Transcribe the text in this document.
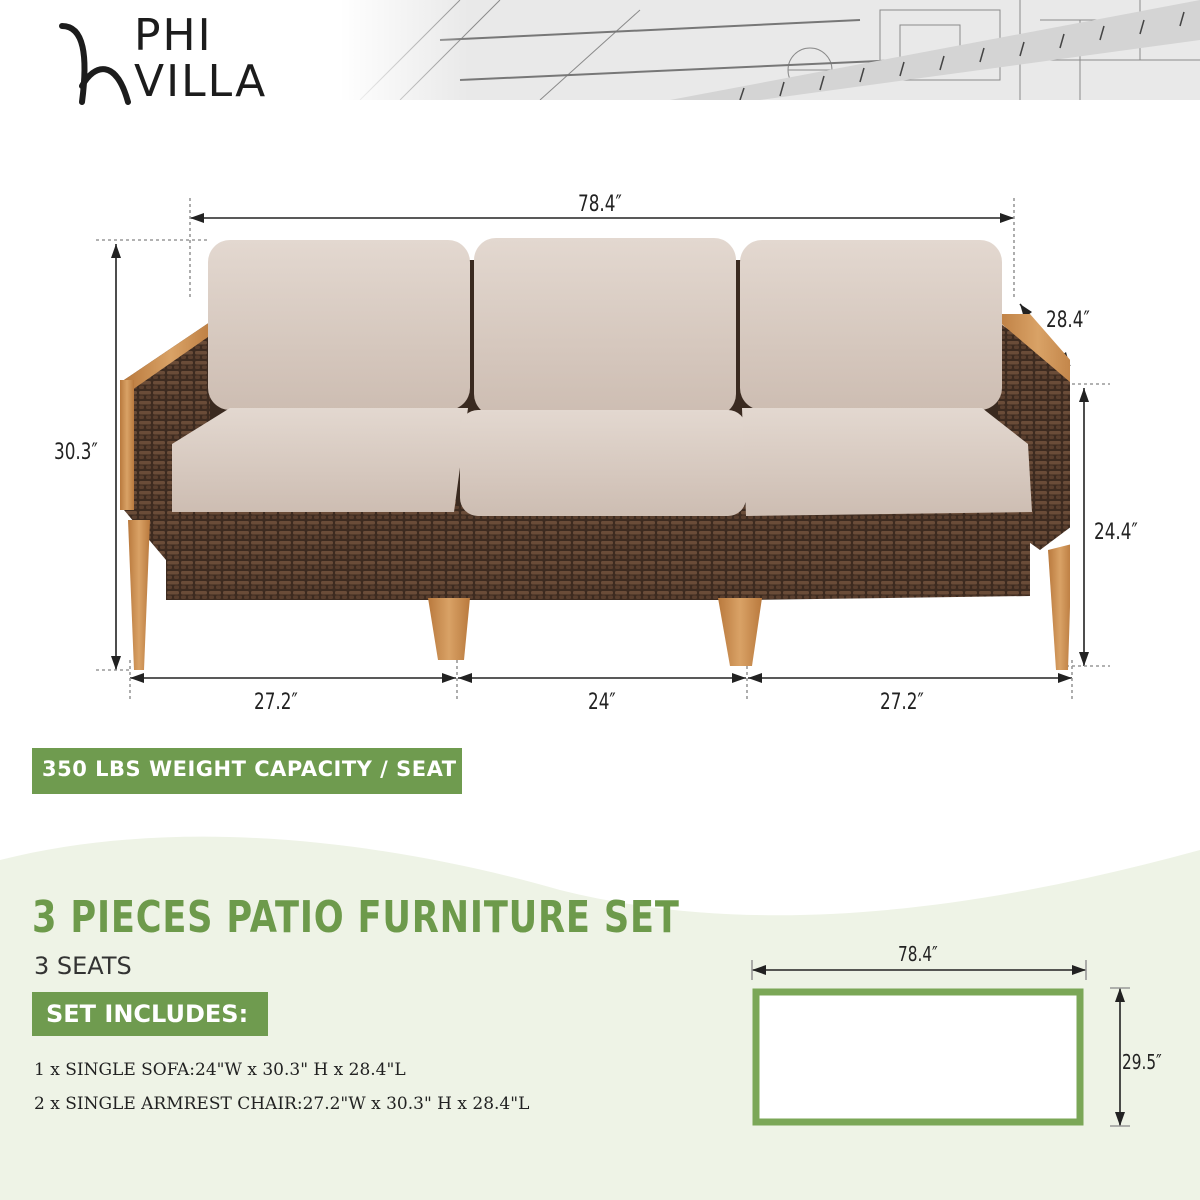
PHI
VILLA
78.4″
28.4″
30.3″
24.4″
27.2″	24″	27.2″
350 LBS WEIGHT CAPACITY / SEAT
3 PIECES PATIO FURNITURE SET
3 SEATS
SET INCLUDES:
1 x SINGLE SOFA:24"W x 30.3" H x 28.4"L
2 x SINGLE ARMREST CHAIR:27.2"W x 30.3" H x 28.4"L
78.4″
29.5″
